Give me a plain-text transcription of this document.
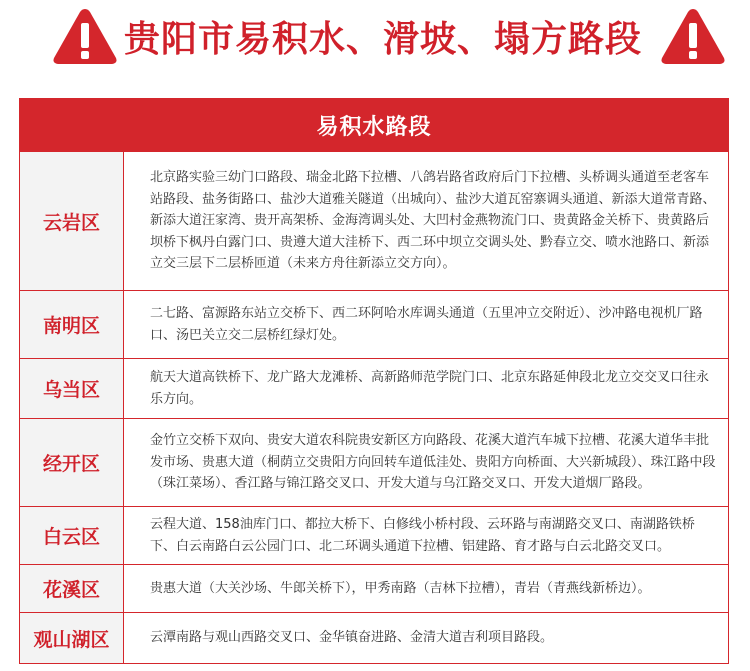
贵阳市易积水、滑坡、塌方路段
易积水路段
云岩区
北京路实验三幼门口路段、瑞金北路下拉槽、八鸽岩路省政府后门下拉槽、头桥调头通道至老客车站路段、盐务街路口、盐沙大道雅关隧道（出城向）、盐沙大道瓦窑寨调头通道、新添大道常青路、新添大道汪家湾、贵开高架桥、金海湾调头处、大凹村金燕物流门口、贵黄路金关桥下、贵黄路后坝桥下枫丹白露门口、贵遵大道大洼桥下、西二环中坝立交调头处、黔春立交、喷水池路口、新添立交三层下二层桥匝道（未来方舟往新添立交方向）。
南明区
二七路、富源路东站立交桥下、西二环阿哈水库调头通道（五里冲立交附近）、沙冲路电视机厂路口、汤巴关立交二层桥红绿灯处。
乌当区
航天大道高铁桥下、龙广路大龙滩桥、高新路师范学院门口、北京东路延伸段北龙立交交叉口往永乐方向。
经开区
金竹立交桥下双向、贵安大道农科院贵安新区方向路段、花溪大道汽车城下拉槽、花溪大道华丰批发市场、贵惠大道（桐荫立交贵阳方向回转车道低洼处、贵阳方向桥面、大兴新城段）、珠江路中段（珠江菜场）、香江路与锦江路交叉口、开发大道与乌江路交叉口、开发大道烟厂路段。
白云区
云程大道、158油库门口、都拉大桥下、白修线小桥村段、云环路与南湖路交叉口、南湖路铁桥下、白云南路白云公园门口、北二环调头通道下拉槽、铝建路、育才路与白云北路交叉口。
花溪区	贵惠大道（大关沙场、牛郎关桥下），甲秀南路（吉林下拉槽），青岩（青燕线新桥边）。
观山湖区	云潭南路与观山西路交叉口、金华镇奋进路、金清大道吉利项目路段。
